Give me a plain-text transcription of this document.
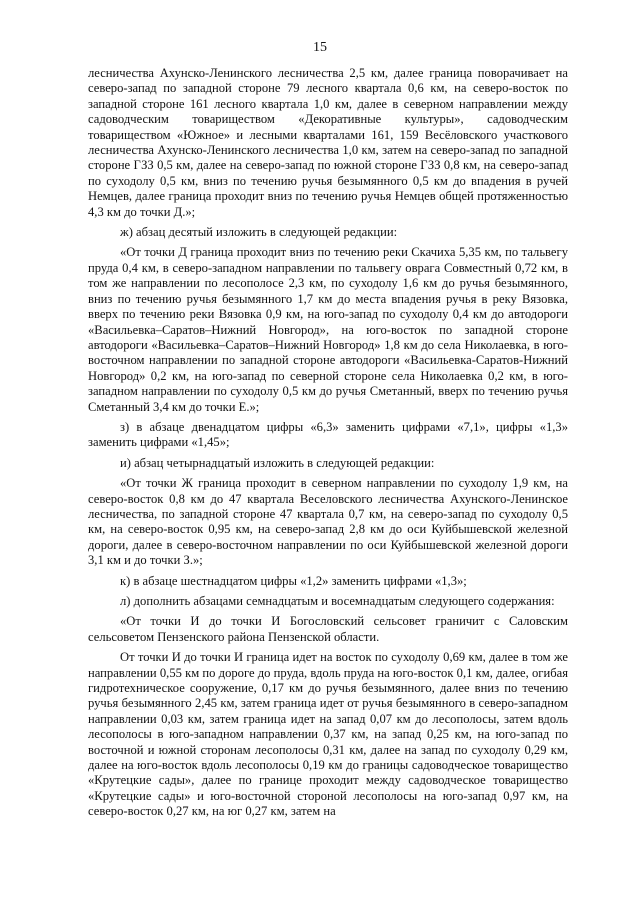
15

лесничества Ахунско-Ленинского лесничества 2,5 км, далее граница поворачивает на северо-запад по западной стороне 79 лесного квартала 0,6 км, на северо-восток по западной стороне 161 лесного квартала 1,0 км, далее в северном направлении между садоводческим товариществом «Декоративные культуры», садоводческим товариществом «Южное» и лесными кварталами 161, 159 Весёловского участкового лесничества Ахунско-Ленинского лесничества 1,0 км, затем на северо-запад по западной стороне ГЗЗ 0,5 км, далее на северо-запад по южной стороне ГЗЗ 0,8 км, на северо-запад по суходолу 0,5 км, вниз по течению ручья безымянного 0,5 км до впадения в ручей Немцев, далее граница проходит вниз по течению ручья Немцев общей протяженностью 4,3 км до точки Д.»;

ж) абзац десятый изложить в следующей редакции:

«От точки Д граница проходит вниз по течению реки Скачиха 5,35 км, по тальвегу пруда 0,4 км, в северо-западном направлении по тальвегу оврага Совместный 0,72 км, в том же направлении по лесополосе 2,3 км, по суходолу 1,6 км до ручья безымянного, вниз по течению ручья безымянного 1,7 км до места впадения ручья в реку Вязовка, вверх по течению реки Вязовка 0,9 км, на юго-запад по суходолу 0,4 км до автодороги «Васильевка–Саратов–Нижний Новгород», на юго-восток по западной стороне автодороги «Васильевка–Саратов–Нижний Новгород» 1,8 км до села Николаевка, в юго-восточном направлении по западной стороне автодороги «Васильевка-Саратов-Нижний Новгород» 0,2 км, на юго-запад по северной стороне села Николаевка 0,2 км, в юго-западном направлении по суходолу 0,5 км до ручья Сметанный, вверх по течению ручья Сметанный 3,4 км до точки Е.»;

з) в абзаце двенадцатом цифры «6,3» заменить цифрами «7,1», цифры «1,3» заменить цифрами «1,45»;

и) абзац четырнадцатый изложить в следующей редакции:

«От точки Ж граница проходит в северном направлении по суходолу 1,9 км, на северо-восток 0,8 км до 47 квартала Веселовского лесничества Ахунского-Ленинское лесничества, по западной стороне 47 квартала 0,7 км, на северо-запад по суходолу 0,5 км, на северо-восток 0,95 км, на северо-запад 2,8 км до оси Куйбышевской железной дороги, далее в северо-восточном направлении по оси Куйбышевской железной дороги 3,1 км и до точки З.»;

к) в абзаце шестнадцатом цифры «1,2» заменить цифрами «1,3»;

л) дополнить абзацами семнадцатым и восемнадцатым следующего содержания:

«От точки И до точки И Богословский сельсовет граничит с Саловским сельсоветом Пензенского района Пензенской области.

От точки И до точки И граница идет на восток по суходолу 0,69 км, далее в том же направлении 0,55 км по дороге до пруда, вдоль пруда на юго-восток 0,1 км, далее, огибая гидротехническое сооружение, 0,17 км до ручья безымянного, далее вниз по течению ручья безымянного 2,45 км, затем граница идет от ручья безымянного в северо-западном направлении 0,03 км, затем граница идет на запад 0,07 км до лесополосы, затем вдоль лесополосы в юго-западном направлении 0,37 км, на запад 0,25 км, на юго-запад по восточной и южной сторонам лесополосы 0,31 км, далее на запад по суходолу 0,29 км, далее на юго-восток вдоль лесополосы 0,19 км до границы садоводческое товарищество «Крутецкие сады», далее по границе проходит между садоводческое товарищество «Крутецкие сады» и юго-восточной стороной лесополосы на юго-запад 0,97 км, на северо-восток 0,27 км, на юг 0,27 км, затем на
